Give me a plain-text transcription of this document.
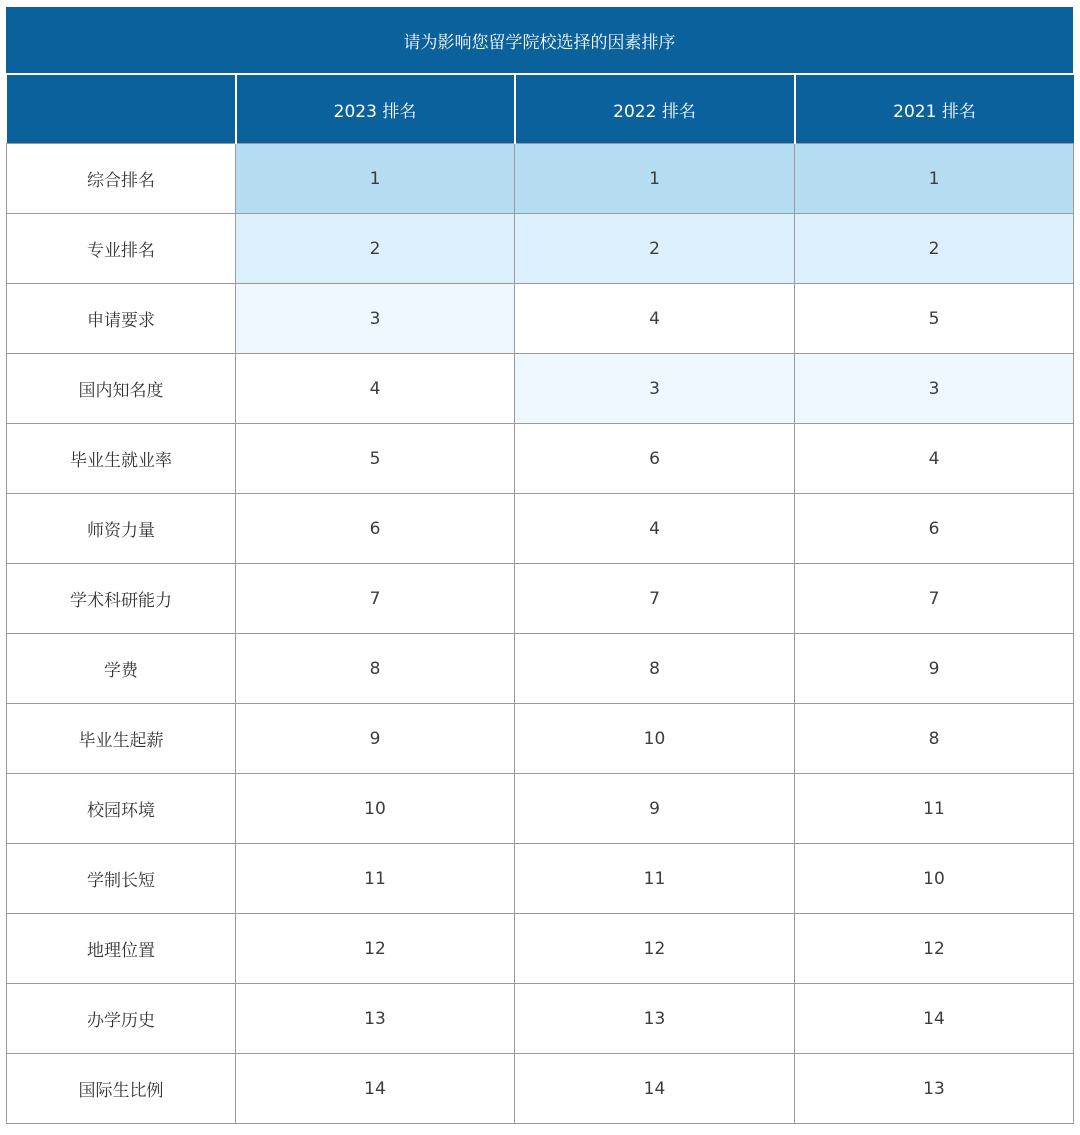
请为影响您留学院校选择的因素排序
	2023 排名	2022 排名	2021 排名
综合排名	1	1	1
专业排名	2	2	2
申请要求	3	4	5
国内知名度	4	3	3
毕业生就业率	5	6	4
师资力量	6	4	6
学术科研能力	7	7	7
学费	8	8	9
毕业生起薪	9	10	8
校园环境	10	9	11
学制长短	11	11	10
地理位置	12	12	12
办学历史	13	13	14
国际生比例	14	14	13
